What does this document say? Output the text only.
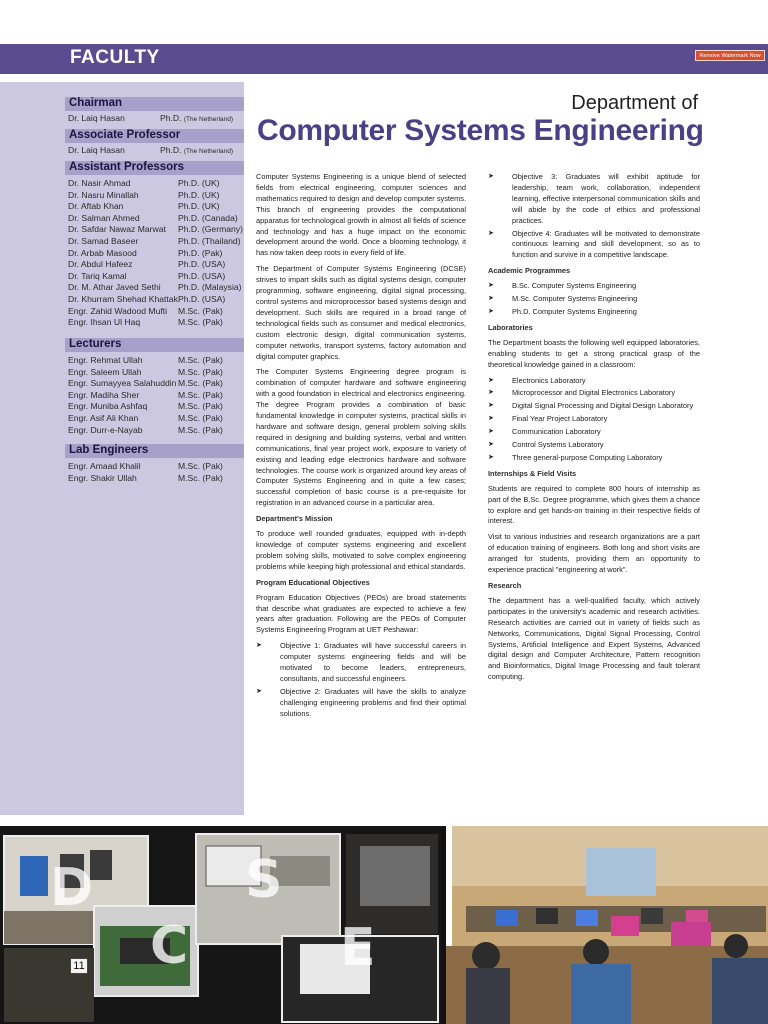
FACULTY	Remove Watermark Now
Chairman
Dr. Laiq Hasan	Ph.D. (The Netherland)
Associate Professor
Dr. Laiq Hasan	Ph.D. (The Netherland)
Assistant Professors
Dr. Nasir Ahmad	Ph.D. (UK)
Dr. Nasru Minallah	Ph.D. (UK)
Dr. Aftab Khan	Ph.D. (UK)
Dr. Salman Ahmed	Ph.D. (Canada)
Dr. Safdar Nawaz Marwat Ph.D. (Germany)
Dr. Samad Baseer	Ph.D. (Thailand)
Dr. Arbab Masood	Ph.D. (Pak)
Dr. Abdul Hafeez	Ph.D. (USA)
Dr. Tariq Kamal	Ph.D. (USA)
Dr. M. Athar Javed Sethi Ph.D. (Malaysia)
Dr. Khurram Shehad Khattak Ph.D. (USA)
Engr. Zahid Wadood Mufti M.Sc. (Pak)
Engr. Ihsan Ul Haq	M.Sc. (Pak)
Lecturers
Engr. Rehmat Ullah	M.Sc. (Pak)
Engr. Saleem Ullah	M.Sc. (Pak)
Engr. Sumayyea Salahuddin M.Sc. (Pak)
Engr. Madiha Sher	M.Sc. (Pak)
Engr. Muniba Ashfaq	M.Sc. (Pak)
Engr. Asif Ali Khan	M.Sc. (Pak)
Engr. Durr-e-Nayab	M.Sc. (Pak)
Lab Engineers
Engr. Amaad Khalil	M.Sc. (Pak)
Engr. Shakir Ullah	M.Sc. (Pak)
Department of
Computer Systems Engineering

Computer Systems Engineering is a unique blend of selected fields from electrical engineering, computer sciences and mathematics required to design and develop computer systems. This branch of engineering provides the computational apparatus for technological growth in almost all fields of science and technology and has a huge impact on the economic development around the world. Once a blooming technology, it has now taken deep roots in every field of life.

The Department of Computer Systems Engineering (DCSE) strives to impart skills such as digital systems design, computer programming, software engineering, digital signal processing, control systems and microprocessor based systems design and development. Such skills are required in a broad range of technological fields such as consumer and medical electronics, custom electronic design, digital communication systems, computer networks, transport systems, factory automation and digital computer graphics.

The Computer Systems Engineering degree program is combination of computer hardware and software engineering with a good foundation in electrical and electronics engineering. The degree Program provides a combination of basic fundamental knowledge in computer systems, practical skills in hardware and software design, general problem solving skills required in designing and building systems, verbal and written communications, final year project work, exposure to variety of existing and leading edge electronics hardware and software technologies. The course work is organized around key areas of Computer Systems Engineering and in quite a few cases; successful completion of basic course is a pre-requisite for registration in an advanced course in a particular area.

Department's Mission

To produce well rounded graduates, equipped with in-depth knowledge of computer systems engineering and excellent problem solving skills, motivated to solve complex engineering problems while keeping high professional and ethical standards.

Program Educational Objectives

Program Education Objectives (PEOs) are broad statements that describe what graduates are expected to achieve a few years after graduation. Following are the PEOs of Computer Systems Engineering Program at UET Peshawar:

➤ Objective 1: Graduates will have successful careers in computer systems engineering fields and will be motivated to become leaders, entrepreneurs, consultants, and successful engineers.
➤ Objective 2: Graduates will have the skills to analyze challenging engineering problems and find their optimal solutions.
➤ Objective 3: Graduates will exhibit aptitude for leadership, team work, collaboration, independent learning, effective interpersonal communication skills and will abide by the code of ethics and professional practices.
➤ Objective 4: Graduates will be motivated to demonstrate continuous learning and skill development, so as to function and survive in a competitive landscape.
Academic Programmes
➤ B.Sc. Computer Systems Engineering
➤ M.Sc. Computer Systems Engineering
➤ Ph.D. Computer Systems Engineering
Laboratories

The Department boasts the following well equipped laboratories, enabling students to get a strong practical grasp of the theoretical knowledge gained in a classroom:

➤ Electronics Laboratory
➤ Microprocessor and Digital Electronics Laboratory
➤ Digital Signal Processing and Digital Design Laboratory
➤ Final Year Project Laboratory
➤ Communication Laboratory
➤ Control Systems Laboratory
➤ Three general-purpose Computing Laboratory
Internships & Field Visits

Students are required to complete 800 hours of internship as part of the B.Sc. Degree programme, which gives them a chance to explore and get hands-on training in their respective fields of interest.

Visit to various industries and research organizations are a part of education training of engineers. Both long and short visits are arranged for students, providing them an opportunity to experience practical "engineering at work".

Research

The department has a well-qualified faculty, which actively participates in the university's academic and research activities. Research activities are carried out in variety of fields such as Networks, Communications, Digital Signal Processing, Control Systems, Artificial Intelligence and Expert Systems, Advanced digital design and Computer Architecture, Pattern recognition and Bioinformatics, Digital Image Processing and fault tolerant computing.

D
C
S
E
11
